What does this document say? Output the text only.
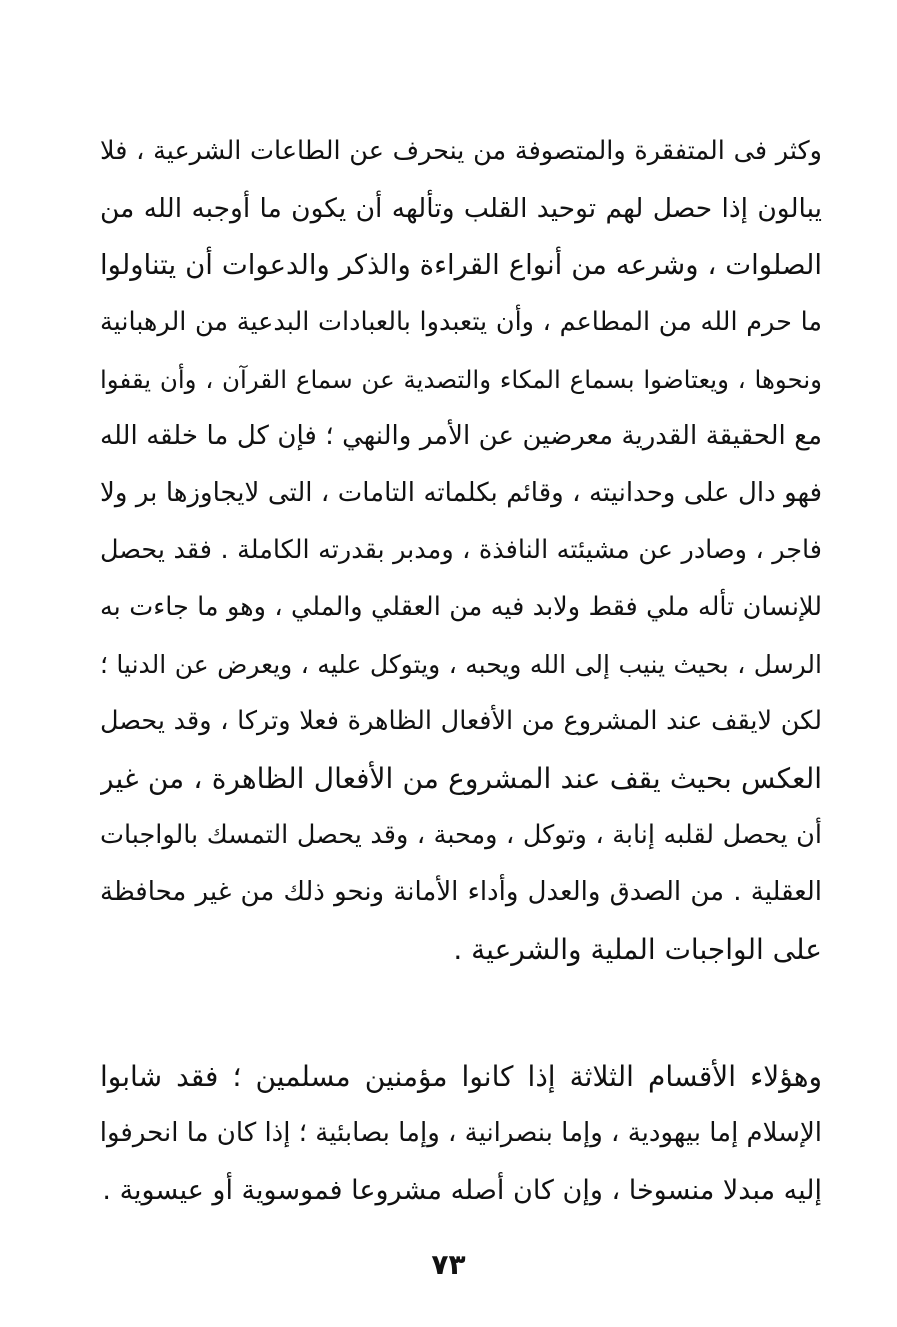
وكثر فى المتفقرة والمتصوفة من ينحرف عن الطاعات الشرعية ، فلا
يبالون إذا حصل لهم توحيد القلب وتألهه أن يكون ما أوجبه الله من
الصلوات ، وشرعه من أنواع القراءة والذكر والدعوات أن يتناولوا
ما حرم الله من المطاعم ، وأن يتعبدوا بالعبادات البدعية من الرهبانية
ونحوها ، ويعتاضوا بسماع المكاء والتصدية عن سماع القرآن ، وأن يقفوا
مع الحقيقة القدرية معرضين عن الأمر والنهي ؛ فإن كل ما خلقه الله
فهو دال على وحدانيته ، وقائم بكلماته التامات ، التى لايجاوزها بر ولا
فاجر ، وصادر عن مشيئته النافذة ، ومدبر بقدرته الكاملة . فقد يحصل
للإنسان تأله ملي فقط ولابد فيه من العقلي والملي ، وهو ما جاءت به
الرسل ، بحيث ينيب إلى الله ويحبه ، ويتوكل عليه ، ويعرض عن الدنيا ؛
لكن لايقف عند المشروع من الأفعال الظاهرة فعلا وتركا ، وقد يحصل
العكس بحيث يقف عند المشروع من الأفعال الظاهرة ، من غير
أن يحصل لقلبه إنابة ، وتوكل ، ومحبة ، وقد يحصل التمسك بالواجبات
العقلية . من الصدق والعدل وأداء الأمانة ونحو ذلك من غير محافظة
على الواجبات الملية والشرعية .
وهؤلاء الأقسام الثلاثة إذا كانوا مؤمنين مسلمين ؛ فقد شابوا
الإسلام إما بيهودية ، وإما بنصرانية ، وإما بصابئية ؛ إذا كان ما انحرفوا
إليه مبدلا منسوخا ، وإن كان أصله مشروعا فموسوية أو عيسوية .
٧٣
